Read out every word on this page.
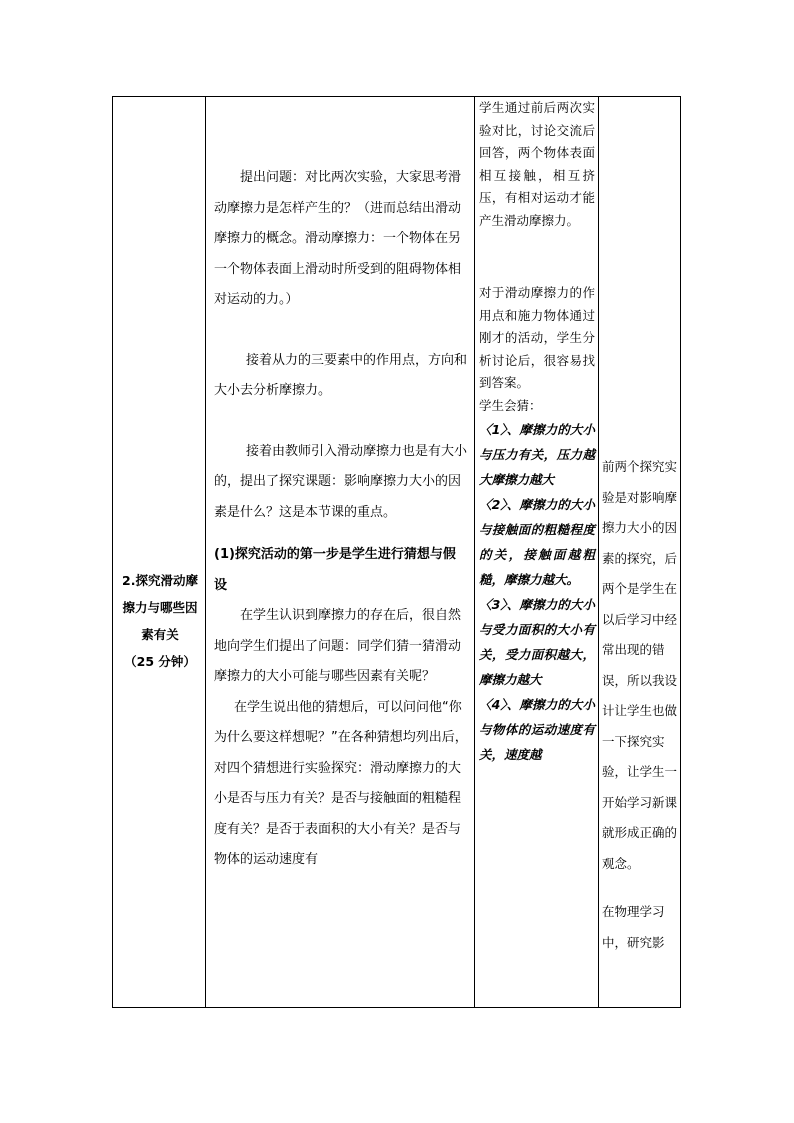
2.探究滑动摩擦力与哪些因素有关

（25 分钟）

提出问题：对比两次实验，大家思考滑动摩擦力是怎样产生的？（进而总结出滑动摩擦力的概念。滑动摩擦力：一个物体在另一个物体表面上滑动时所受到的阻碍物体相对运动的力。）

接着从力的三要素中的作用点，方向和大小去分析摩擦力。

接着由教师引入滑动摩擦力也是有大小的，提出了探究课题：影响摩擦力大小的因素是什么？这是本节课的重点。

(1)探究活动的第一步是学生进行猜想与假设

在学生认识到摩擦力的存在后，很自然地向学生们提出了问题：同学们猜一猜滑动摩擦力的大小可能与哪些因素有关呢？

在学生说出他的猜想后，可以问问他“你为什么要这样想呢？”在各种猜想均列出后，对四个猜想进行实验探究：滑动摩擦力的大小是否与压力有关？是否与接触面的粗糙程度有关？是否于表面积的大小有关？是否与物体的运动速度有

学生通过前后两次实验对比，讨论交流后回答，两个物体表面相互接触，相互挤压，有相对运动才能产生滑动摩擦力。

对于滑动摩擦力的作用点和施力物体通过刚才的活动，学生分析讨论后，很容易找到答案。

学生会猜：

〈1〉、摩擦力的大小与压力有关，压力越大摩擦力越大

〈2〉、摩擦力的大小与接触面的粗糙程度的关，接触面越粗糙，摩擦力越大。

〈3〉、摩擦力的大小与受力面积的大小有关，受力面积越大，摩擦力越大

〈4〉、摩擦力的大小与物体的运动速度有关，速度越

前两个探究实验是对影响摩擦力大小的因素的探究，后两个是学生在以后学习中经常出现的错误，所以我设计让学生也做一下探究实验，让学生一开始学习新课就形成正确的观念。

在物理学习中，研究影
